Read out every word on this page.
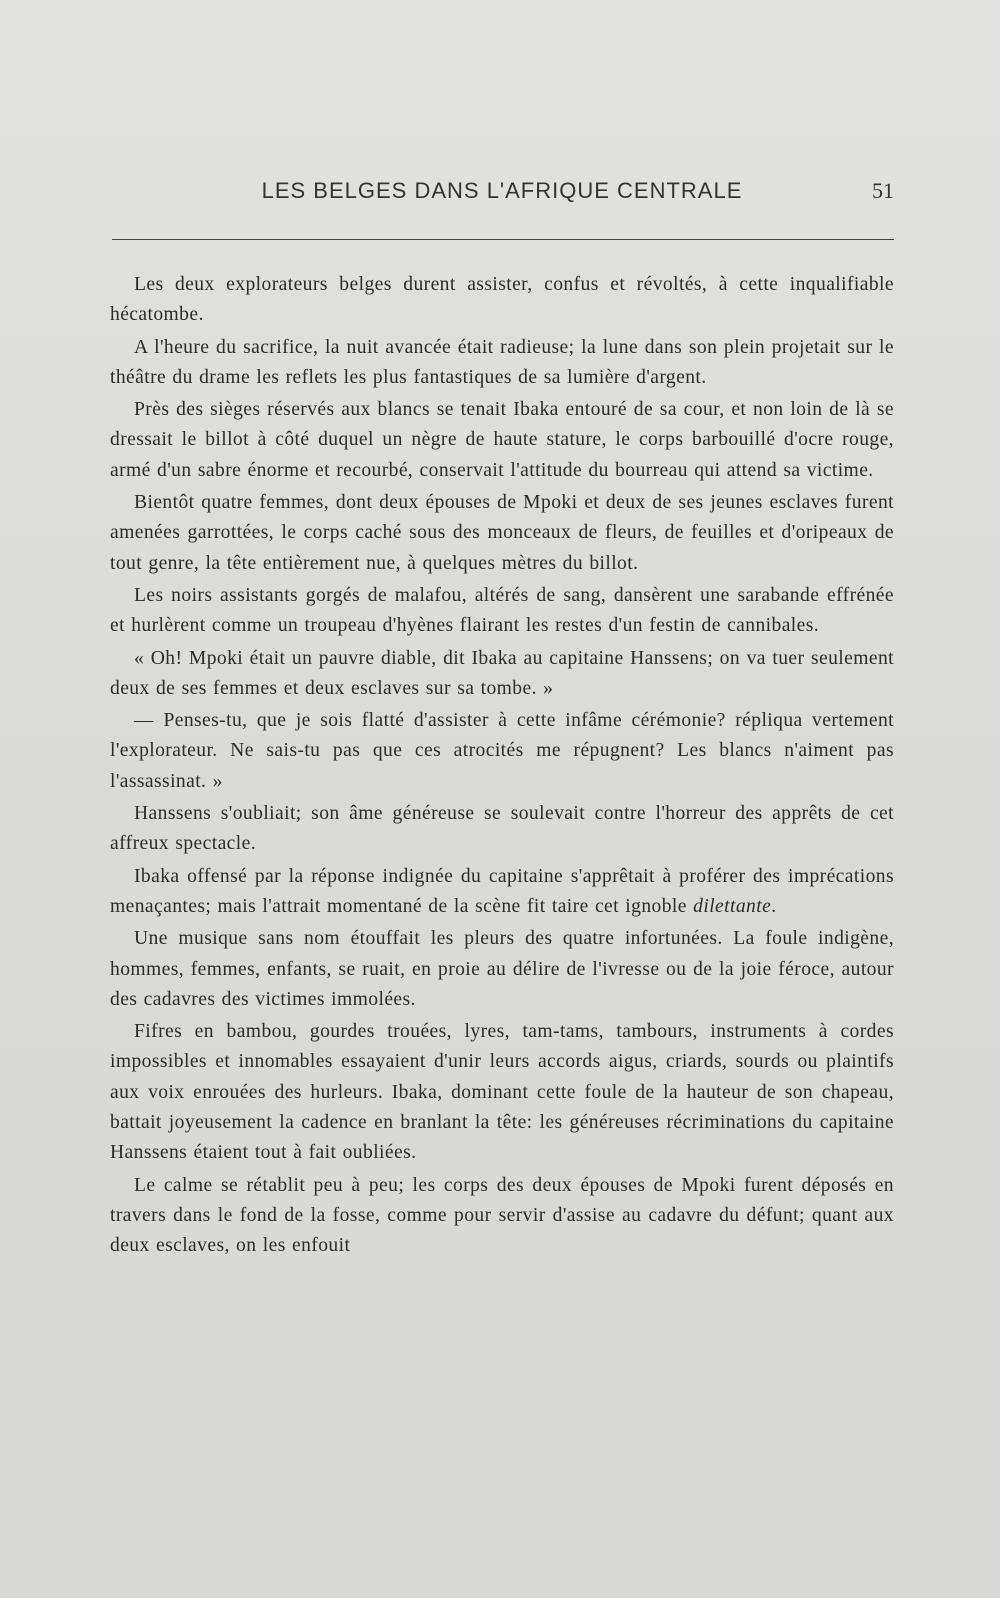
LES BELGES DANS L'AFRIQUE CENTRALE	51

Les deux explorateurs belges durent assister, confus et révoltés, à cette inqualifiable hécatombe.

A l'heure du sacrifice, la nuit avancée était radieuse; la lune dans son plein projetait sur le théâtre du drame les reflets les plus fantastiques de sa lumière d'argent.

Près des sièges réservés aux blancs se tenait Ibaka entouré de sa cour, et non loin de là se dressait le billot à côté duquel un nègre de haute stature, le corps barbouillé d'ocre rouge, armé d'un sabre énorme et recourbé, conservait l'attitude du bourreau qui attend sa victime.

Bientôt quatre femmes, dont deux épouses de Mpoki et deux de ses jeunes esclaves furent amenées garrottées, le corps caché sous des monceaux de fleurs, de feuilles et d'oripeaux de tout genre, la tête entièrement nue, à quelques mètres du billot.

Les noirs assistants gorgés de malafou, altérés de sang, dansèrent une sarabande effrénée et hurlèrent comme un troupeau d'hyènes flairant les restes d'un festin de cannibales.

« Oh! Mpoki était un pauvre diable, dit Ibaka au capitaine Hanssens; on va tuer seulement deux de ses femmes et deux esclaves sur sa tombe. »

— Penses-tu, que je sois flatté d'assister à cette infâme cérémonie? répliqua vertement l'explorateur. Ne sais-tu pas que ces atrocités me répugnent? Les blancs n'aiment pas l'assassinat. »

Hanssens s'oubliait; son âme généreuse se soulevait contre l'horreur des apprêts de cet affreux spectacle.

Ibaka offensé par la réponse indignée du capitaine s'apprêtait à proférer des imprécations menaçantes; mais l'attrait momentané de la scène fit taire cet ignoble dilettante.

Une musique sans nom étouffait les pleurs des quatre infortunées. La foule indigène, hommes, femmes, enfants, se ruait, en proie au délire de l'ivresse ou de la joie féroce, autour des cadavres des victimes immolées.

Fifres en bambou, gourdes trouées, lyres, tam-tams, tambours, instruments à cordes impossibles et innomables essayaient d'unir leurs accords aigus, criards, sourds ou plaintifs aux voix enrouées des hurleurs. Ibaka, dominant cette foule de la hauteur de son chapeau, battait joyeusement la cadence en branlant la tête: les généreuses récriminations du capitaine Hanssens étaient tout à fait oubliées.

Le calme se rétablit peu à peu; les corps des deux épouses de Mpoki furent déposés en travers dans le fond de la fosse, comme pour servir d'assise au cadavre du défunt; quant aux deux esclaves, on les enfouit
